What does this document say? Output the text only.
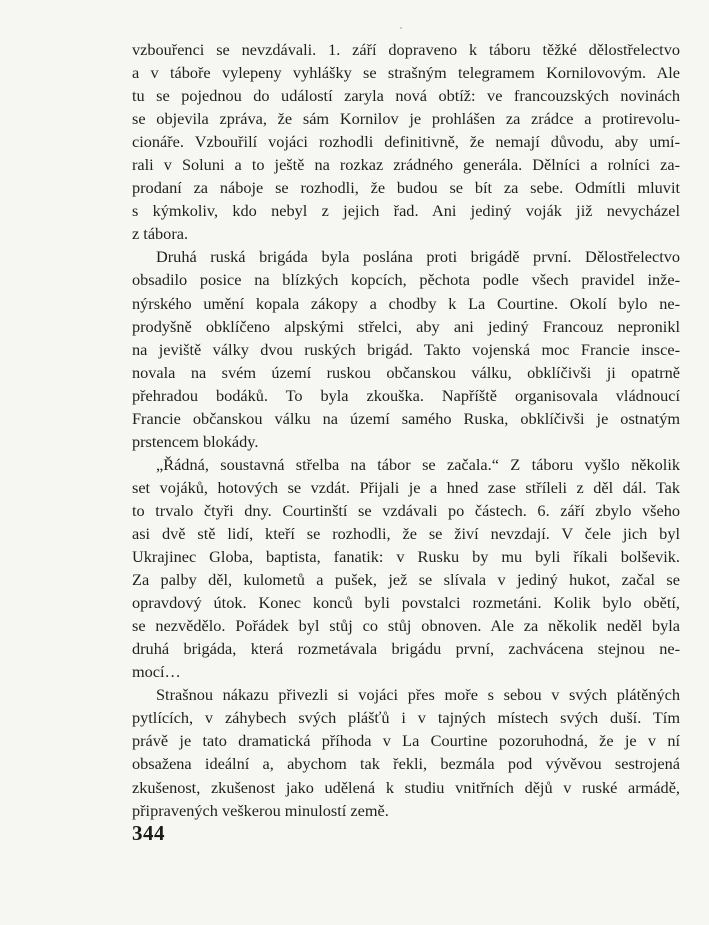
vzbouřenci se nevzdávali. 1. září dopraveno k táboru těžké dělostřelectvo
a v táboře vylepeny vyhlášky se strašným telegramem Kornilovovým. Ale
tu se pojednou do událostí zaryla nová obtíž: ve francouzských novinách
se objevila zpráva, že sám Kornilov je prohlášen za zrádce a protirevolu-
cionáře. Vzbouřilí vojáci rozhodli definitivně, že nemají důvodu, aby umí-
rali v Soluni a to ještě na rozkaz zrádného generála. Dělníci a rolníci za-
prodaní za náboje se rozhodli, že budou se bít za sebe. Odmítli mluvit
s kýmkoliv, kdo nebyl z jejich řad. Ani jediný voják již nevycházel
z tábora.
Druhá ruská brigáda byla poslána proti brigádě první. Dělostřelectvo
obsadilo posice na blízkých kopcích, pěchota podle všech pravidel inže-
nýrského umění kopala zákopy a chodby k La Courtine. Okolí bylo ne-
prodyšně obklíčeno alpskými střelci, aby ani jediný Francouz nepronikl
na jeviště války dvou ruských brigád. Takto vojenská moc Francie insce-
novala na svém území ruskou občanskou válku, obklíčivši ji opatrně
přehradou bodáků. To byla zkouška. Napříště organisovala vládnoucí
Francie občanskou válku na území samého Ruska, obklíčivši je ostnatým
prstencem blokády.
„Řádná, soustavná střelba na tábor se začala.“ Z táboru vyšlo několik
set vojáků, hotových se vzdát. Přijali je a hned zase stříleli z děl dál. Tak
to trvalo čtyři dny. Courtinští se vzdávali po částech. 6. září zbylo všeho
asi dvě stě lidí, kteří se rozhodli, že se živí nevzdají. V čele jich byl
Ukrajinec Globa, baptista, fanatik: v Rusku by mu byli říkali bolševik.
Za palby děl, kulometů a pušek, jež se slívala v jediný hukot, začal se
opravdový útok. Konec konců byli povstalci rozmetáni. Kolik bylo obětí,
se nezvědělo. Pořádek byl stůj co stůj obnoven. Ale za několik neděl byla
druhá brigáda, která rozmetávala brigádu první, zachvácena stejnou ne-
mocí…
Strašnou nákazu přivezli si vojáci přes moře s sebou v svých plátěných
pytlících, v záhybech svých plášťů i v tajných místech svých duší. Tím
právě je tato dramatická příhoda v La Courtine pozoruhodná, že je v ní
obsažena ideální a, abychom tak řekli, bezmála pod vývěvou sestrojená
zkušenost, zkušenost jako udělená k studiu vnitřních dějů v ruské armádě,
připravených veškerou minulostí země.
344
